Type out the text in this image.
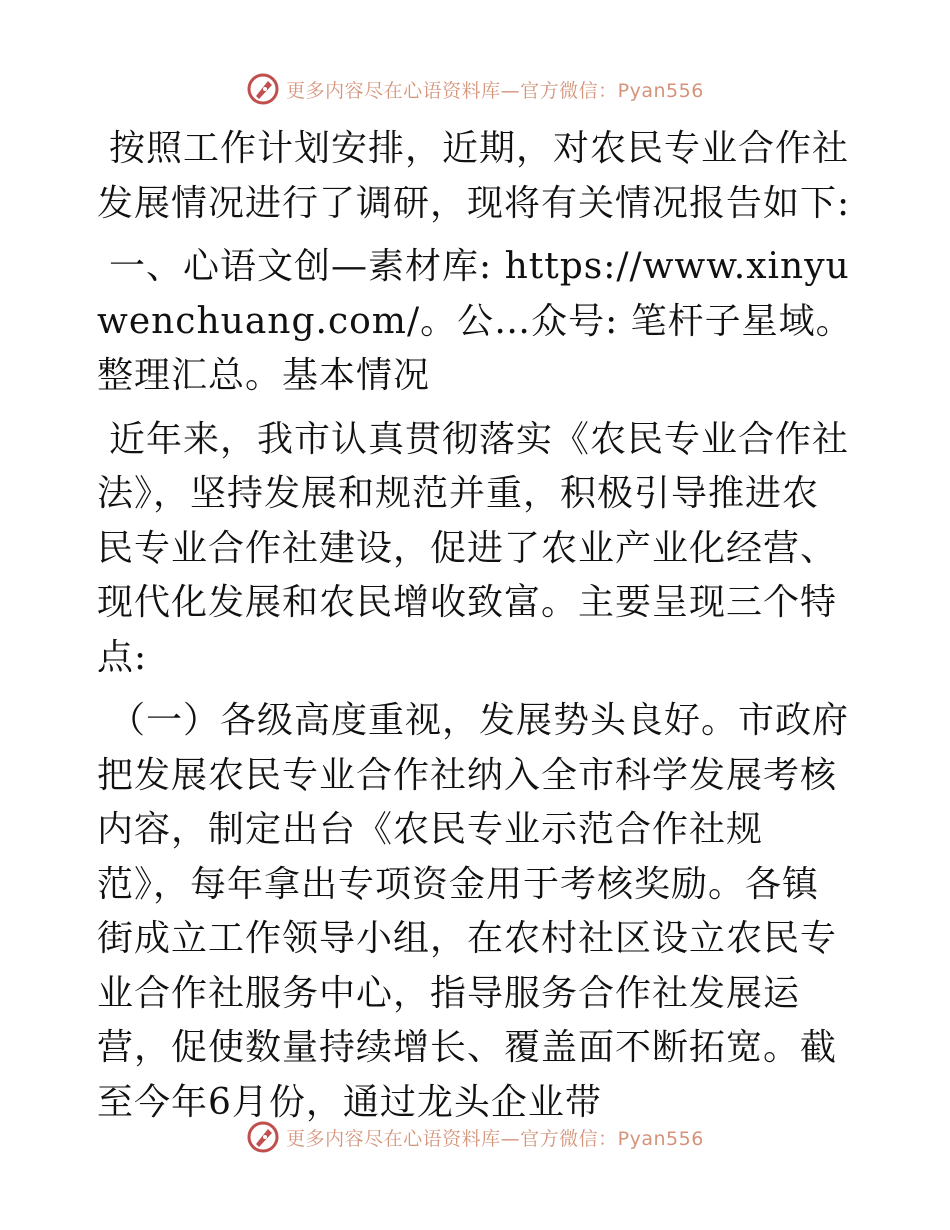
更多内容尽在心语资料库—官方微信：Pyan556

按照工作计划安排，近期，对农民专业合作社发展情况进行了调研，现将有关情况报告如下:

一、心语文创—素材库: https://www.xinyuwenchuang.com/。公…众号: 笔杆子星域。整理汇总。基本情况

近年来，我市认真贯彻落实《农民专业合作社法》，坚持发展和规范并重，积极引导推进农民专业合作社建设，促进了农业产业化经营、现代化发展和农民增收致富。主要呈现三个特点:

（一）各级高度重视，发展势头良好。市政府把发展农民专业合作社纳入全市科学发展考核内容，制定出台《农民专业示范合作社规范》，每年拿出专项资金用于考核奖励。各镇街成立工作领导小组，在农村社区设立农民专业合作社服务中心，指导服务合作社发展运营，促使数量持续增长、覆盖面不断拓宽。截至今年6月份，通过龙头企业带

更多内容尽在心语资料库—官方微信：Pyan556
